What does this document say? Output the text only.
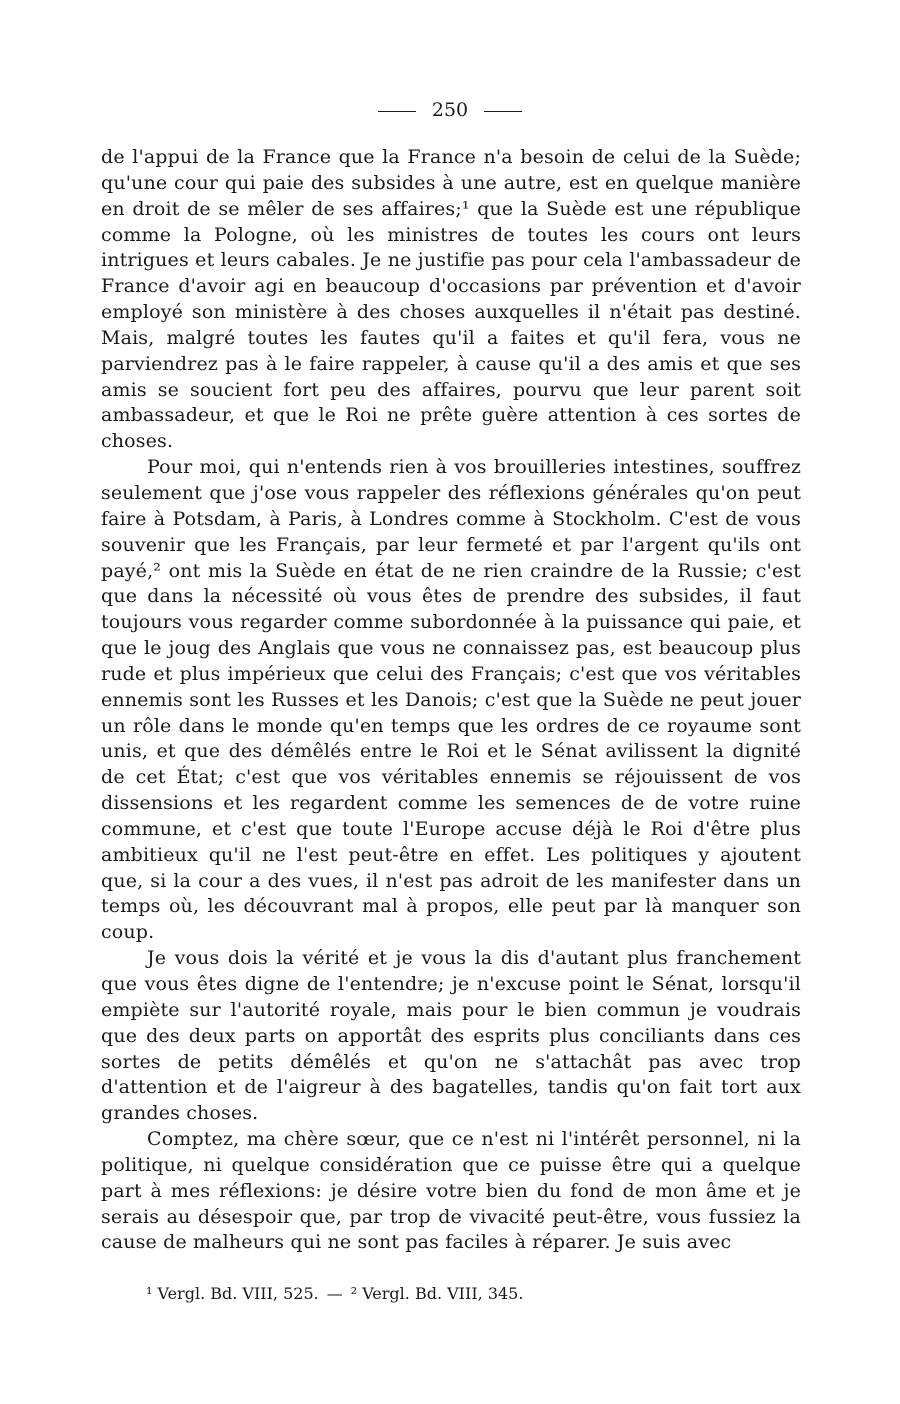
250

de l'appui de la France que la France n'a besoin de celui de la Suède; qu'une cour qui paie des subsides à une autre, est en quelque manière en droit de se mêler de ses affaires;¹ que la Suède est une république comme la Pologne, où les ministres de toutes les cours ont leurs intrigues et leurs cabales. Je ne justifie pas pour cela l'ambassadeur de France d'avoir agi en beaucoup d'occasions par prévention et d'avoir employé son ministère à des choses auxquelles il n'était pas destiné. Mais, malgré toutes les fautes qu'il a faites et qu'il fera, vous ne parviendrez pas à le faire rappeler, à cause qu'il a des amis et que ses amis se soucient fort peu des affaires, pourvu que leur parent soit ambassadeur, et que le Roi ne prête guère attention à ces sortes de choses.

Pour moi, qui n'entends rien à vos brouilleries intestines, souffrez seulement que j'ose vous rappeler des réflexions générales qu'on peut faire à Potsdam, à Paris, à Londres comme à Stockholm. C'est de vous souvenir que les Français, par leur fermeté et par l'argent qu'ils ont payé,² ont mis la Suède en état de ne rien craindre de la Russie; c'est que dans la nécessité où vous êtes de prendre des subsides, il faut toujours vous regarder comme subordonnée à la puissance qui paie, et que le joug des Anglais que vous ne connaissez pas, est beaucoup plus rude et plus impérieux que celui des Français; c'est que vos véritables ennemis sont les Russes et les Danois; c'est que la Suède ne peut jouer un rôle dans le monde qu'en temps que les ordres de ce royaume sont unis, et que des démêlés entre le Roi et le Sénat avilissent la dignité de cet État; c'est que vos véritables ennemis se réjouissent de vos dissensions et les regardent comme les semences de de votre ruine commune, et c'est que toute l'Europe accuse déjà le Roi d'être plus ambitieux qu'il ne l'est peut-être en effet. Les politiques y ajoutent que, si la cour a des vues, il n'est pas adroit de les manifester dans un temps où, les découvrant mal à propos, elle peut par là manquer son coup.

Je vous dois la vérité et je vous la dis d'autant plus franchement que vous êtes digne de l'entendre; je n'excuse point le Sénat, lorsqu'il empiète sur l'autorité royale, mais pour le bien commun je voudrais que des deux parts on apportât des esprits plus conciliants dans ces sortes de petits démêlés et qu'on ne s'attachât pas avec trop d'attention et de l'aigreur à des bagatelles, tandis qu'on fait tort aux grandes choses.

Comptez, ma chère sœur, que ce n'est ni l'intérêt personnel, ni la politique, ni quelque considération que ce puisse être qui a quelque part à mes réflexions: je désire votre bien du fond de mon âme et je serais au désespoir que, par trop de vivacité peut-être, vous fussiez la cause de malheurs qui ne sont pas faciles à réparer. Je suis avec

¹ Vergl. Bd. VIII, 525. — ² Vergl. Bd. VIII, 345.
